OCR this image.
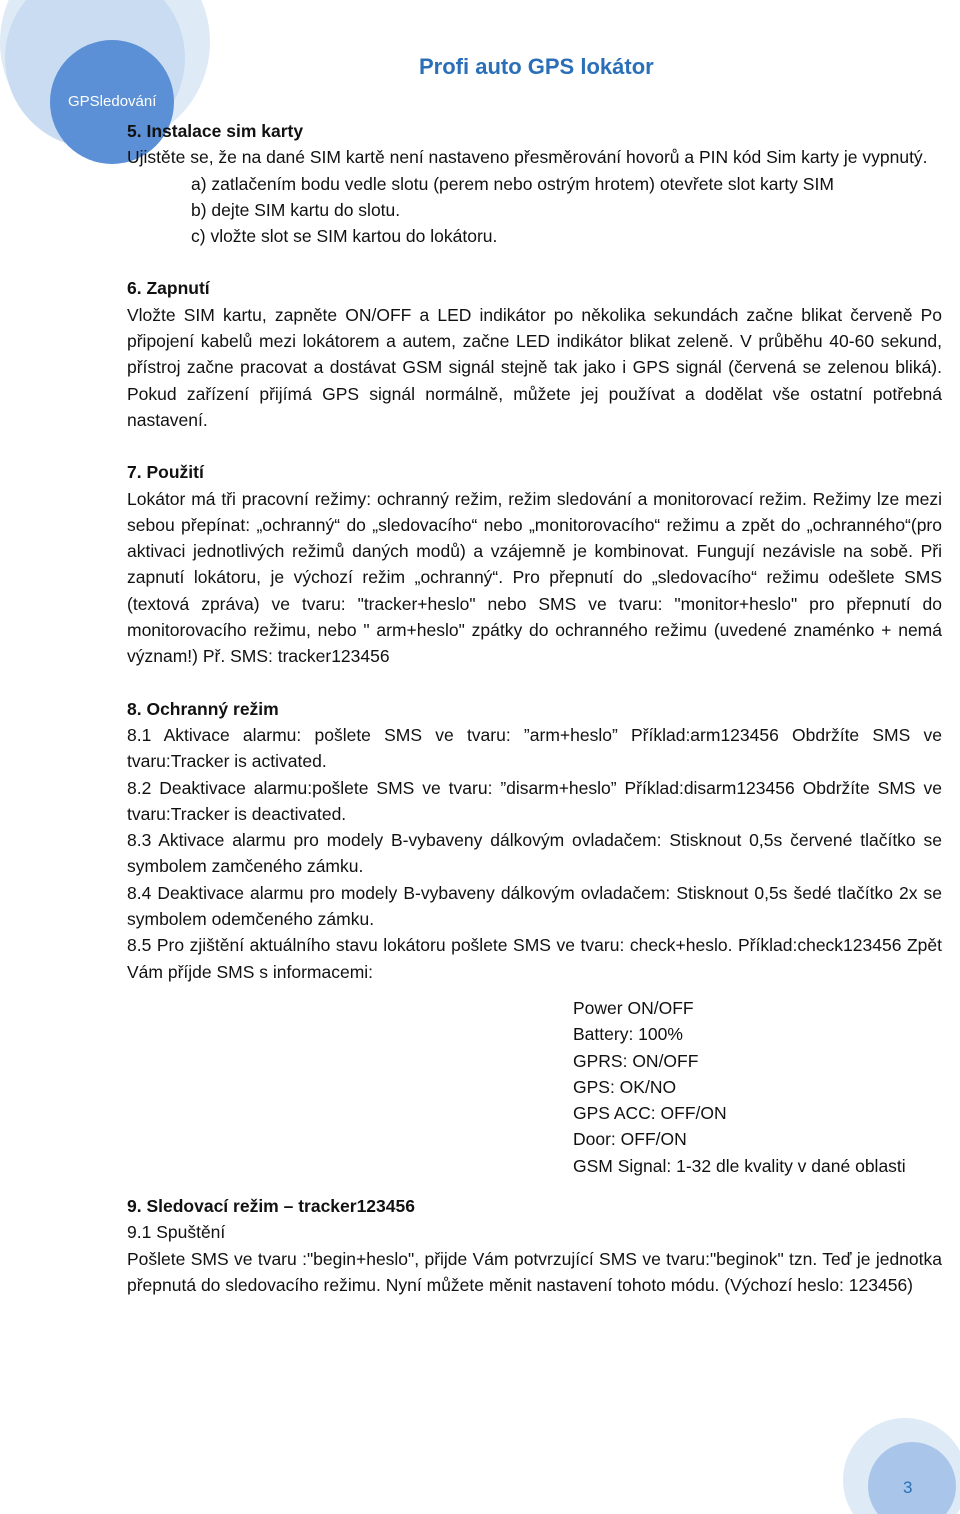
GPSledování
Profi auto GPS lokátor

5. Instalace sim karty

Ujistěte se, že na dané SIM kartě není nastaveno přesměrování hovorů a PIN kód Sim karty je vypnutý.

a) zatlačením bodu vedle slotu (perem nebo ostrým hrotem) otevřete slot karty SIM

b) dejte SIM kartu do slotu.

c) vložte slot se SIM kartou do lokátoru.

6. Zapnutí

Vložte SIM kartu, zapněte ON/OFF a LED indikátor po několika sekundách začne blikat červeně Po připojení kabelů mezi lokátorem a autem, začne LED indikátor blikat zeleně. V průběhu 40-60 sekund, přístroj začne pracovat a dostávat GSM signál stejně tak jako i GPS signál (červená se zelenou bliká). Pokud zařízení přijímá GPS signál normálně, můžete jej používat a dodělat vše ostatní potřebná nastavení.

7. Použití

Lokátor má tři pracovní režimy: ochranný režim, režim sledování a monitorovací režim. Režimy lze mezi sebou přepínat: „ochranný“ do „sledovacího“ nebo „monitorovacího“ režimu a zpět do „ochranného“(pro aktivaci jednotlivých režimů daných modů) a vzájemně je kombinovat. Fungují nezávisle na sobě. Při zapnutí lokátoru, je výchozí režim „ochranný“. Pro přepnutí do „sledovacího“ režimu odešlete SMS (textová zpráva) ve tvaru: "tracker+heslo" nebo SMS ve tvaru: "monitor+heslo" pro přepnutí do monitorovacího režimu, nebo " arm+heslo" zpátky do ochranného režimu (uvedené znaménko + nemá význam!) Př. SMS: tracker123456

8. Ochranný režim

8.1 Aktivace alarmu: pošlete SMS ve tvaru: ”arm+heslo” Příklad:arm123456 Obdržíte SMS ve tvaru:Tracker is activated.

8.2 Deaktivace alarmu:pošlete SMS ve tvaru: ”disarm+heslo” Příklad:disarm123456 Obdržíte SMS ve tvaru:Tracker is deactivated.

8.3 Aktivace alarmu pro modely B-vybaveny dálkovým ovladačem: Stisknout 0,5s červené tlačítko se symbolem zamčeného zámku.

8.4 Deaktivace alarmu pro modely B-vybaveny dálkovým ovladačem: Stisknout 0,5s šedé tlačítko 2x se symbolem odemčeného zámku.

8.5 Pro zjištění aktuálního stavu lokátoru pošlete SMS ve tvaru: check+heslo. Příklad:check123456 Zpět Vám příjde SMS s informacemi:

Power ON/OFF
Battery: 100%
GPRS: ON/OFF
GPS: OK/NO
GPS ACC: OFF/ON
Door: OFF/ON
GSM Signal: 1-32 dle kvality v dané oblasti

9. Sledovací režim – tracker123456

9.1 Spuštění

Pošlete SMS ve tvaru :"begin+heslo", přijde Vám potvrzující SMS ve tvaru:"beginok" tzn. Teď je jednotka přepnutá do sledovacího režimu. Nyní můžete měnit nastavení tohoto módu. (Výchozí heslo: 123456)

3
